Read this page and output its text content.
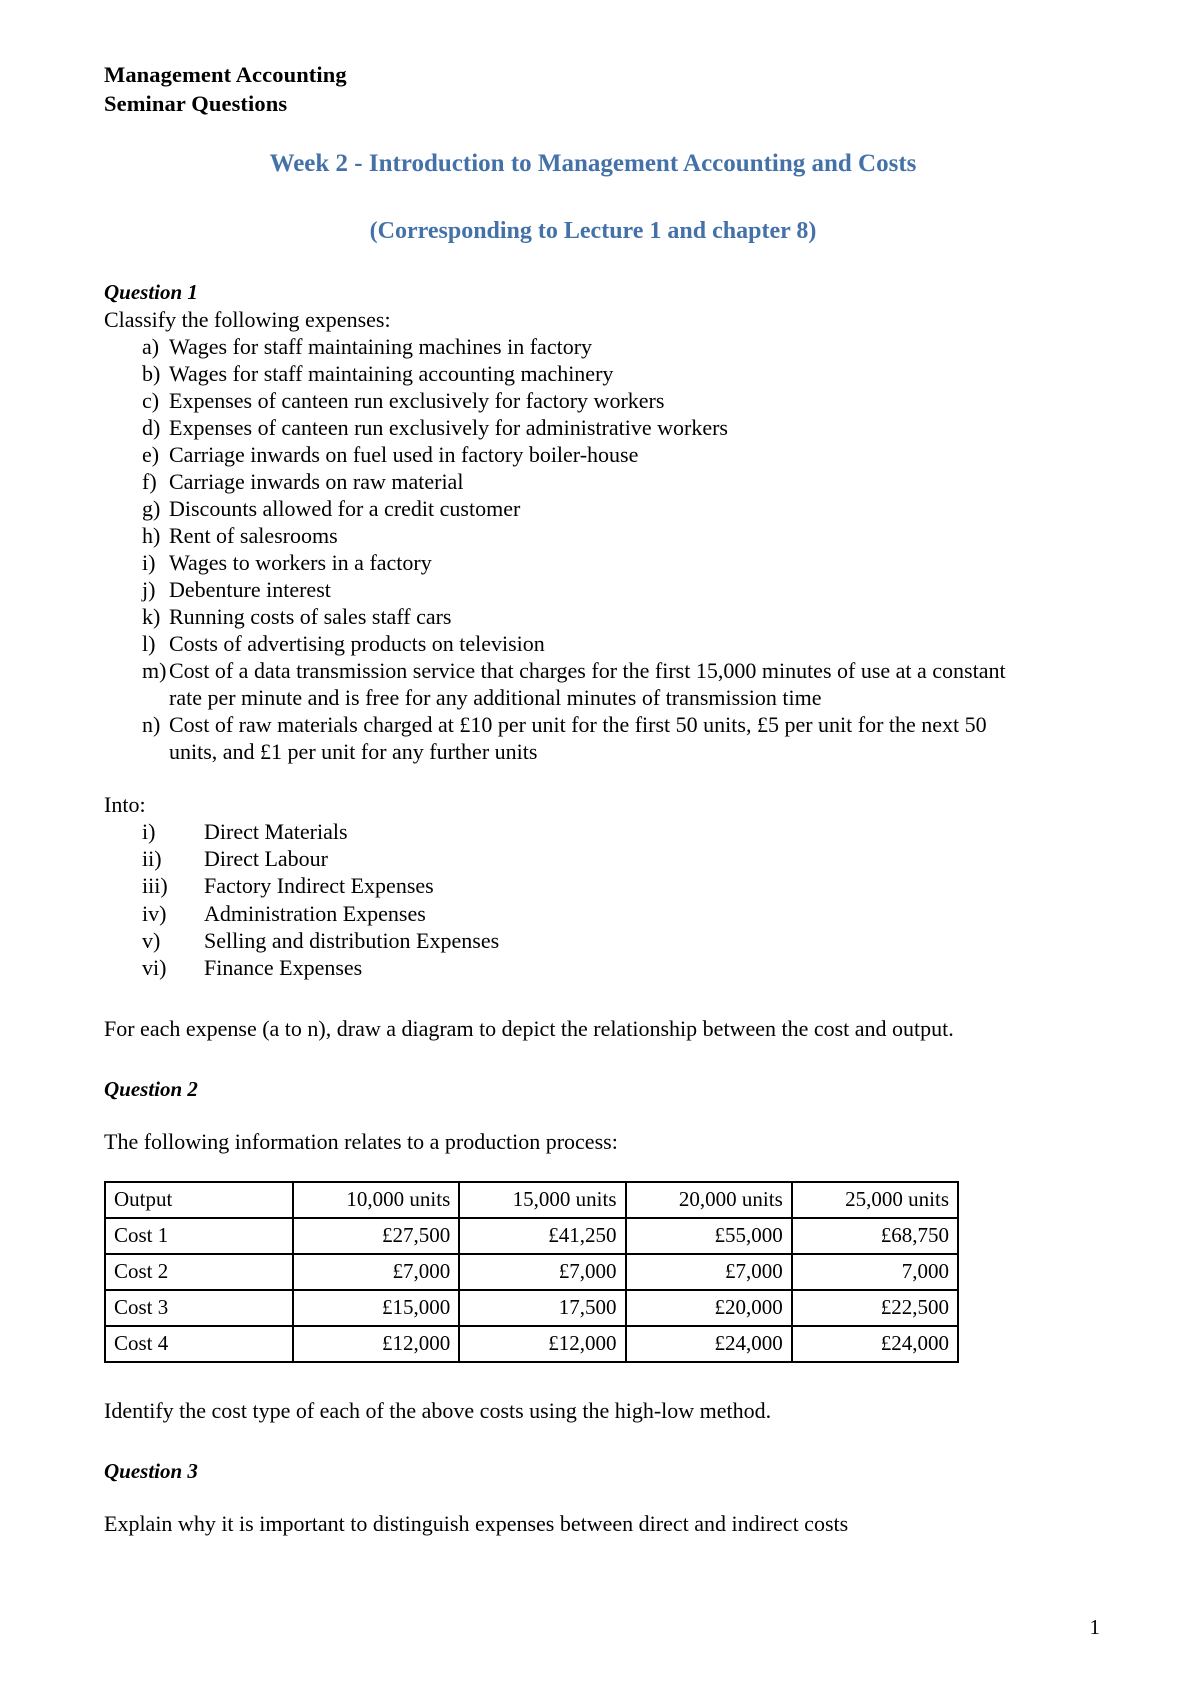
Management Accounting
Seminar Questions
Week 2 - Introduction to Management Accounting and Costs
(Corresponding to Lecture 1 and chapter 8)

Question 1

Classify the following expenses:

a) Wages for staff maintaining machines in factory
b) Wages for staff maintaining accounting machinery
c) Expenses of canteen run exclusively for factory workers
d) Expenses of canteen run exclusively for administrative workers
e) Carriage inwards on fuel used in factory boiler-house
f) Carriage inwards on raw material
g) Discounts allowed for a credit customer
h) Rent of salesrooms
i) Wages to workers in a factory
j) Debenture interest
k) Running costs of sales staff cars
l) Costs of advertising products on television
m) Cost of a data transmission service that charges for the first 15,000 minutes of use at a constant rate per minute and is free for any additional minutes of transmission time
n) Cost of raw materials charged at £10 per unit for the first 50 units, £5 per unit for the next 50 units, and £1 per unit for any further units

Into:

i)	Direct Materials
ii)	Direct Labour
iii)	Factory Indirect Expenses
iv)	Administration Expenses
v)	Selling and distribution Expenses
vi)	Finance Expenses

For each expense (a to n), draw a diagram to depict the relationship between the cost and output.

Question 2

The following information relates to a production process:

Output	10,000 units	15,000 units	20,000 units	25,000 units
Cost 1	£27,500	£41,250	£55,000	£68,750
Cost 2	£7,000	£7,000	£7,000	7,000
Cost 3	£15,000	17,500	£20,000	£22,500
Cost 4	£12,000	£12,000	£24,000	£24,000

Identify the cost type of each of the above costs using the high-low method.

Question 3

Explain why it is important to distinguish expenses between direct and indirect costs

1
